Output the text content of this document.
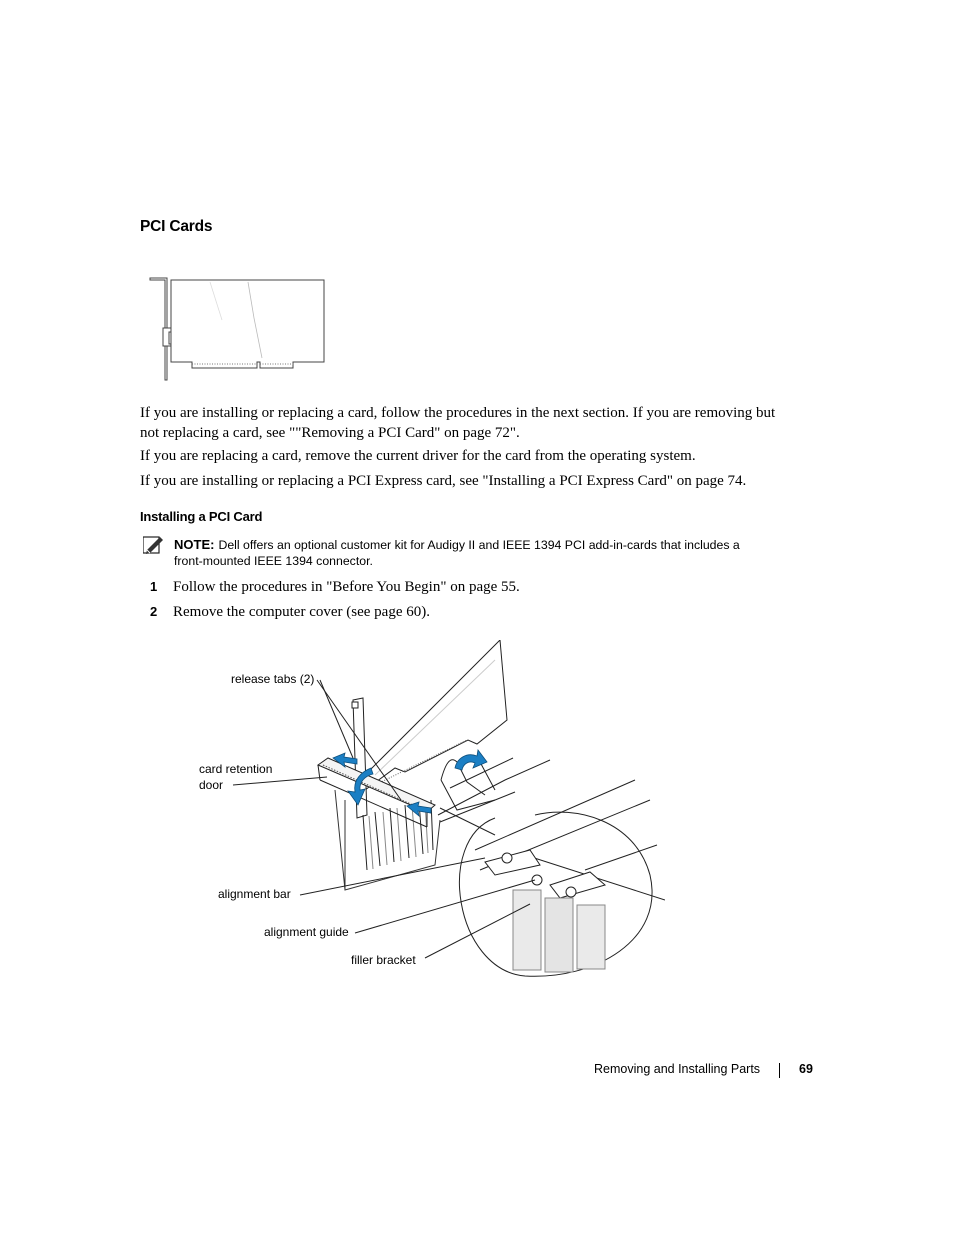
PCI Cards
If you are installing or replacing a card, follow the procedures in the next section. If you are removing but not replacing a card, see ""Removing a PCI Card" on page 72".
If you are replacing a card, remove the current driver for the card from the operating system.
If you are installing or replacing a PCI Express card, see "Installing a PCI Express Card" on page 74.
Installing a PCI Card
NOTE: Dell offers an optional customer kit for Audigy II and IEEE 1394 PCI add-in-cards that includes a front-mounted IEEE 1394 connector.
1 Follow the procedures in "Before You Begin" on page 55.
2 Remove the computer cover (see page 60).
release tabs (2)
card retention
door
alignment bar
alignment guide
filler bracket
Removing and Installing Parts	69
